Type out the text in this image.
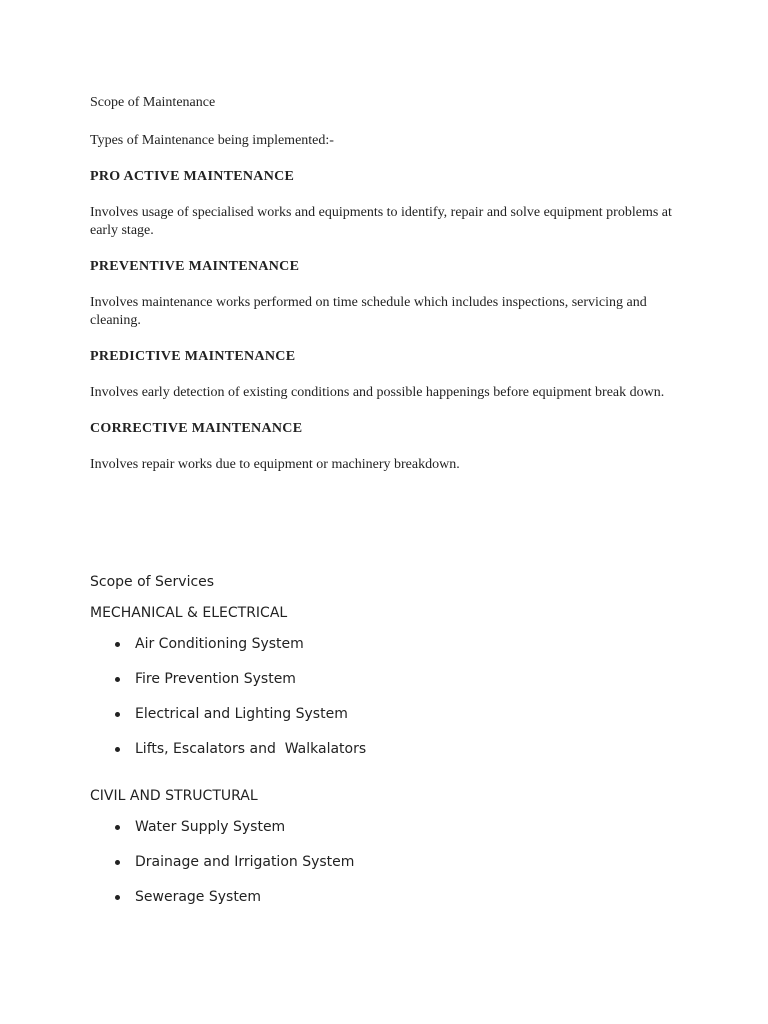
Scope of Maintenance

Types of Maintenance being implemented:-

PRO ACTIVE MAINTENANCE

Involves usage of specialised works and equipments to identify, repair and solve equipment problems at early stage.

PREVENTIVE MAINTENANCE

Involves maintenance works performed on time schedule which includes inspections, servicing and cleaning.

PREDICTIVE MAINTENANCE

Involves early detection of existing conditions and possible happenings before equipment break down.

CORRECTIVE MAINTENANCE

Involves repair works due to equipment or machinery breakdown.

Scope of Services

MECHANICAL & ELECTRICAL

Air Conditioning System
Fire Prevention System
Electrical and Lighting System
Lifts, Escalators and  Walkalators

CIVIL AND STRUCTURAL

Water Supply System
Drainage and Irrigation System
Sewerage System
